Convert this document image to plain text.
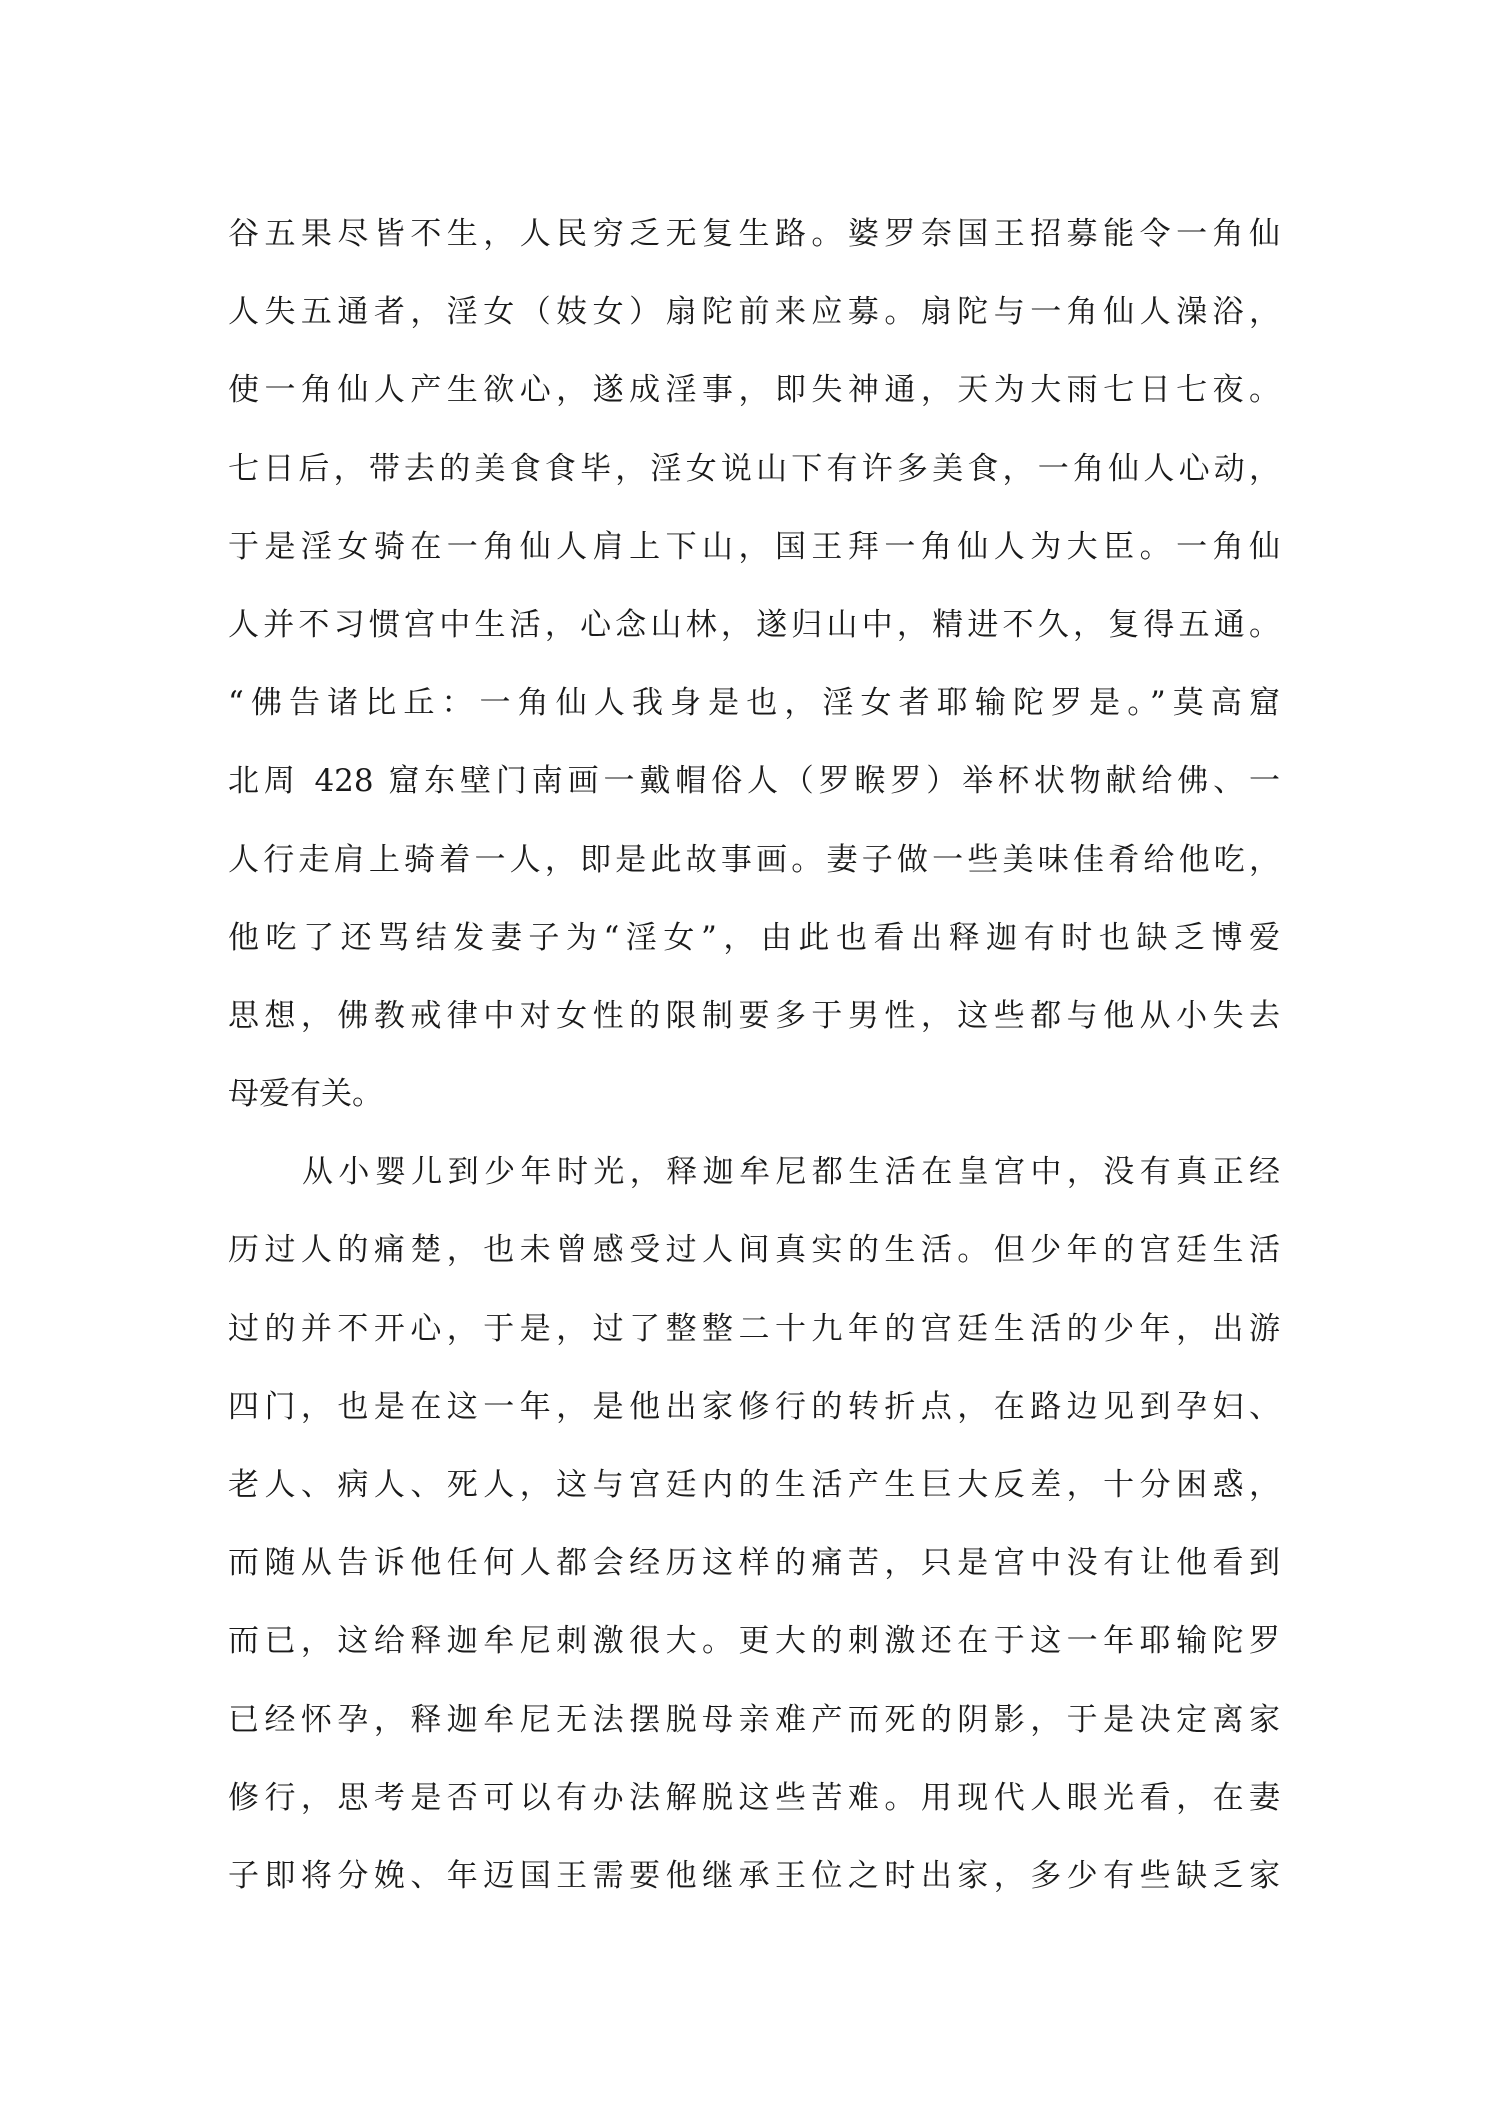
谷五果尽皆不生，人民穷乏无复生路。婆罗奈国王招募能令一角仙
人失五通者，淫女（妓女）扇陀前来应募。扇陀与一角仙人澡浴，
使一角仙人产生欲心，遂成淫事，即失神通，天为大雨七日七夜。
七日后，带去的美食食毕，淫女说山下有许多美食，一角仙人心动，
于是淫女骑在一角仙人肩上下山，国王拜一角仙人为大臣。一角仙
人并不习惯宫中生活，心念山林，遂归山中，精进不久，复得五通。
“佛告诸比丘：一角仙人我身是也，淫女者耶输陀罗是。”莫高窟
北周 428 窟东壁门南画一戴帽俗人（罗睺罗）举杯状物献给佛、一
人行走肩上骑着一人，即是此故事画。妻子做一些美味佳肴给他吃，
他吃了还骂结发妻子为“淫女”，由此也看出释迦有时也缺乏博爱
思想，佛教戒律中对女性的限制要多于男性，这些都与他从小失去
母爱有关。
从小婴儿到少年时光，释迦牟尼都生活在皇宫中，没有真正经
历过人的痛楚，也未曾感受过人间真实的生活。但少年的宫廷生活
过的并不开心，于是，过了整整二十九年的宫廷生活的少年，出游
四门，也是在这一年，是他出家修行的转折点，在路边见到孕妇、
老人、病人、死人，这与宫廷内的生活产生巨大反差，十分困惑，
而随从告诉他任何人都会经历这样的痛苦，只是宫中没有让他看到
而已，这给释迦牟尼刺激很大。更大的刺激还在于这一年耶输陀罗
已经怀孕，释迦牟尼无法摆脱母亲难产而死的阴影，于是决定离家
修行，思考是否可以有办法解脱这些苦难。用现代人眼光看，在妻
子即将分娩、年迈国王需要他继承王位之时出家，多少有些缺乏家
